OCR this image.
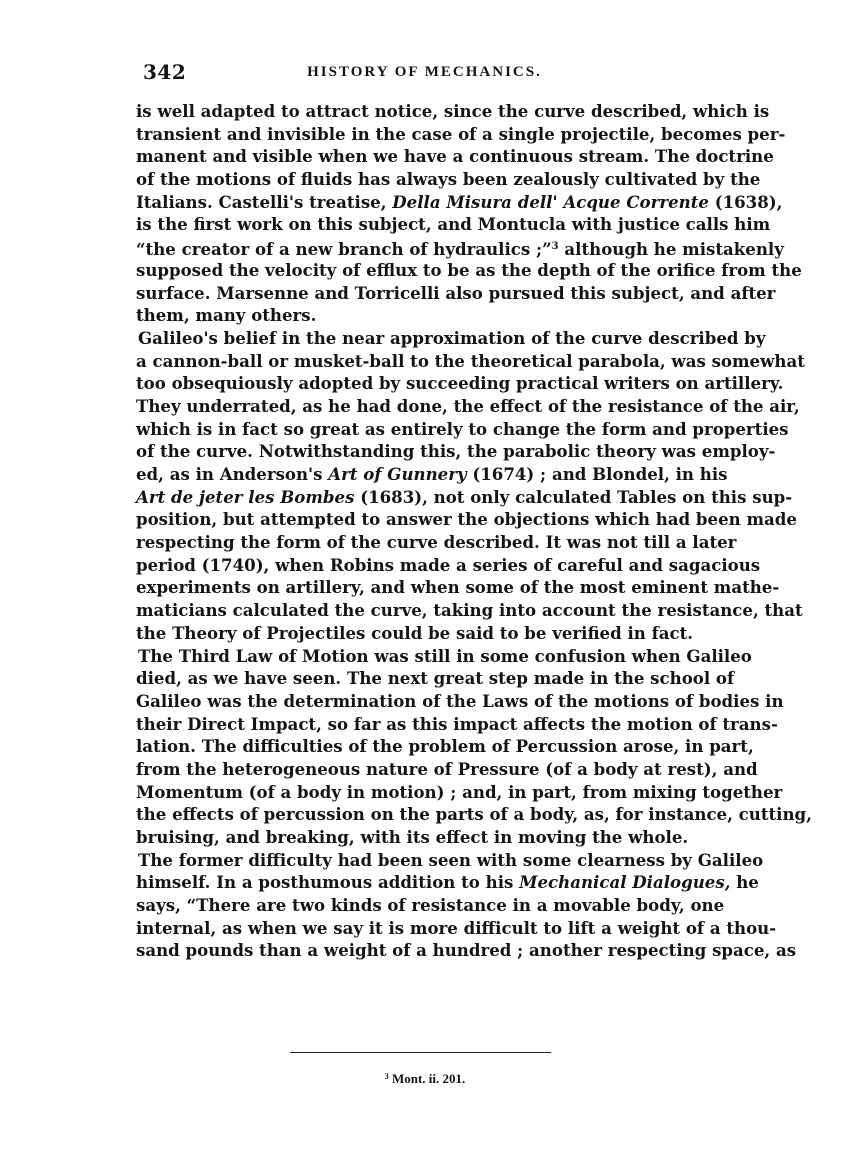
342	HISTORY OF MECHANICS.
is well adapted to attract notice, since the curve described, which is
transient and invisible in the case of a single projectile, becomes per-
manent and visible when we have a continuous stream. The doctrine
of the motions of fluids has always been zealously cultivated by the
Italians. Castelli's treatise, Della Misura dell' Acque Corrente (1638),
is the first work on this subject, and Montucla with justice calls him
“the creator of a new branch of hydraulics ;”$^3$ although he mistakenly
supposed the velocity of efflux to be as the depth of the orifice from the
surface. Marsenne and Torricelli also pursued this subject, and after
them, many others.
Galileo's belief in the near approximation of the curve described by
a cannon-ball or musket-ball to the theoretical parabola, was somewhat
too obsequiously adopted by succeeding practical writers on artillery.
They underrated, as he had done, the effect of the resistance of the air,
which is in fact so great as entirely to change the form and properties
of the curve. Notwithstanding this, the parabolic theory was employ-
ed, as in Anderson's Art of Gunnery (1674) ; and Blondel, in his
Art de jeter les Bombes (1683), not only calculated Tables on this sup-
position, but attempted to answer the objections which had been made
respecting the form of the curve described. It was not till a later
period (1740), when Robins made a series of careful and sagacious
experiments on artillery, and when some of the most eminent mathe-
maticians calculated the curve, taking into account the resistance, that
the Theory of Projectiles could be said to be verified in fact.
The Third Law of Motion was still in some confusion when Galileo
died, as we have seen. The next great step made in the school of
Galileo was the determination of the Laws of the motions of bodies in
their Direct Impact, so far as this impact affects the motion of trans-
lation. The difficulties of the problem of Percussion arose, in part,
from the heterogeneous nature of Pressure (of a body at rest), and
Momentum (of a body in motion) ; and, in part, from mixing together
the effects of percussion on the parts of a body, as, for instance, cutting,
bruising, and breaking, with its effect in moving the whole.
The former difficulty had been seen with some clearness by Galileo
himself. In a posthumous addition to his Mechanical Dialogues, he
says, “There are two kinds of resistance in a movable body, one
internal, as when we say it is more difficult to lift a weight of a thou-
sand pounds than a weight of a hundred ; another respecting space, as
$^3$ Mont. ii. 201.
